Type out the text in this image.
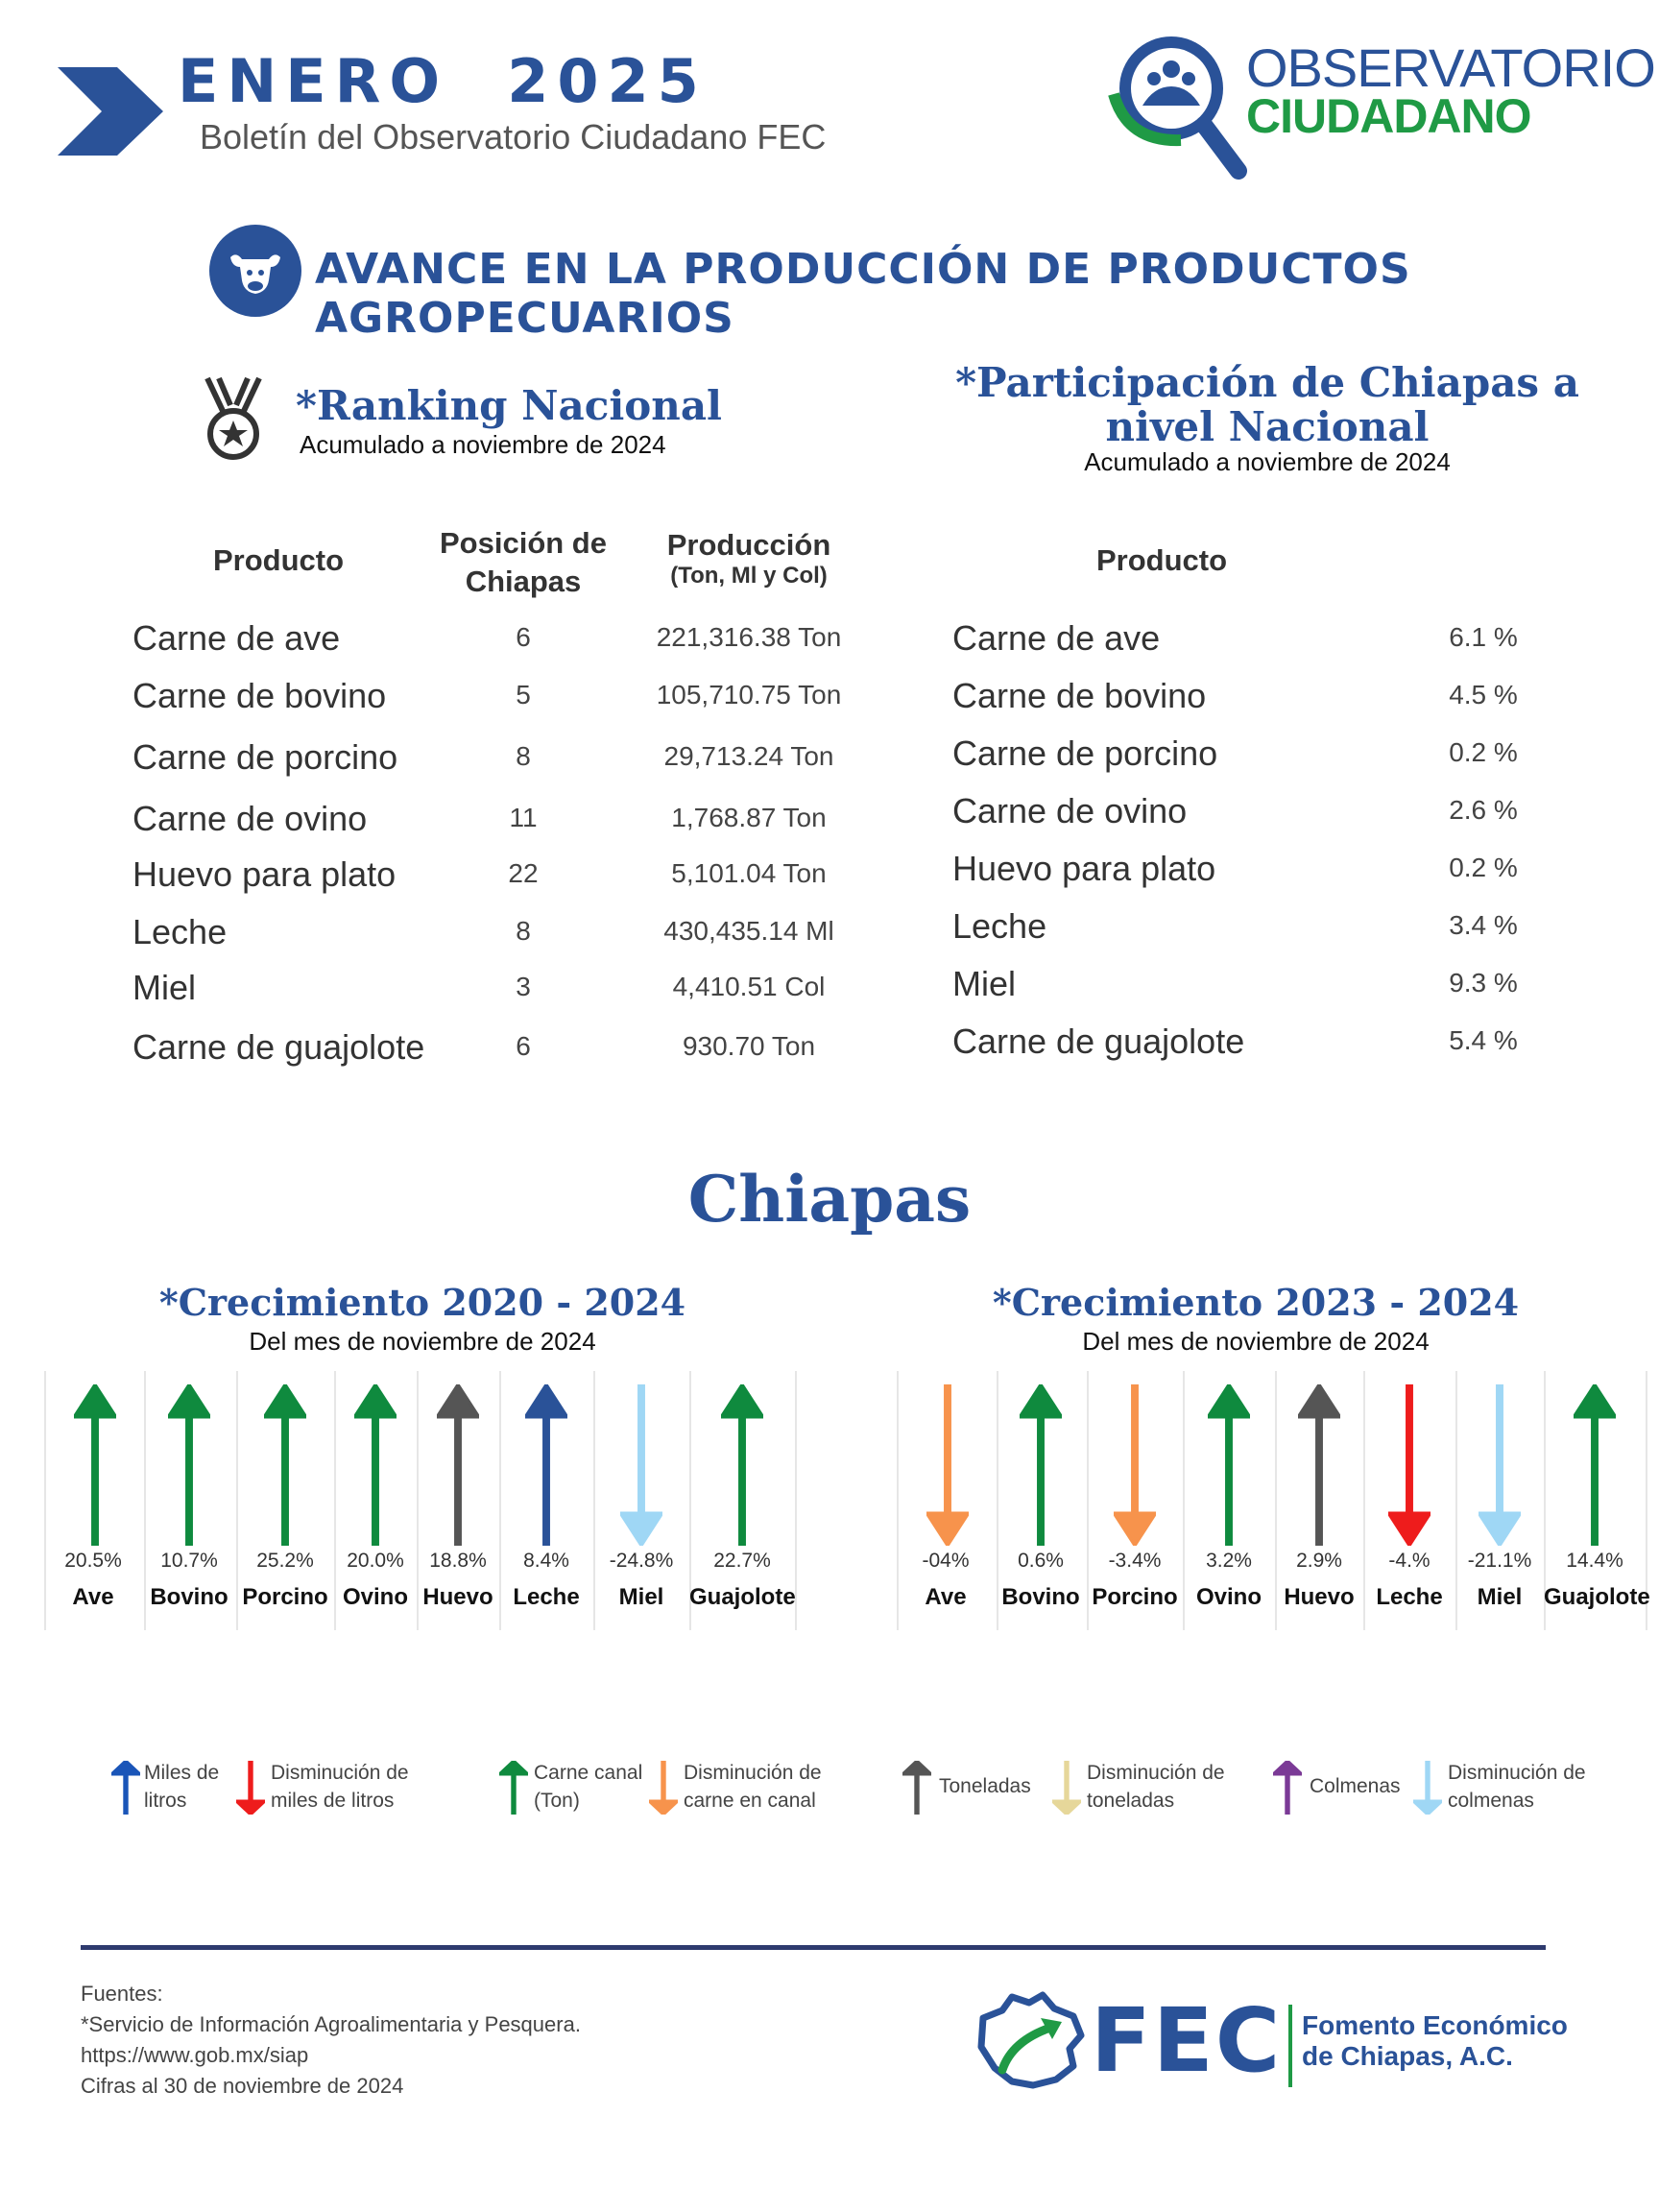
ENERO  2025
Boletín del Observatorio Ciudadano FEC
OBSERVATORIO
CIUDADANO
AVANCE EN LA PRODUCCIÓN DE PRODUCTOS AGROPECUARIOS
*Ranking Nacional
Acumulado a noviembre de 2024
*Participación de Chiapas a nivel Nacional
Acumulado a noviembre de 2024
Producto
Posición de Chiapas
Producción
(Ton, Ml y Col)
Carne de ave	6	221,316.38 Ton
Carne de bovino	5	105,710.75 Ton
Carne de porcino	8	29,713.24 Ton
Carne de ovino	11	1,768.87 Ton
Huevo para plato	22	5,101.04 Ton
Leche	8	430,435.14 Ml
Miel	3	4,410.51 Col
Carne de guajolote	6	930.70 Ton
Producto
Carne de ave	6.1 %
Carne de bovino	4.5 %
Carne de porcino	0.2 %
Carne de ovino	2.6 %
Huevo para plato	0.2 %
Leche	3.4 %
Miel	9.3 %
Carne de guajolote	5.4 %
Chiapas
*Crecimiento 2020 - 2024
Del mes de noviembre de 2024
*Crecimiento 2023 - 2024
Del mes de noviembre de 2024
20.5%
Ave
10.7%
Bovino
25.2%
Porcino
20.0%
Ovino
18.8%
Huevo
8.4%
Leche
-24.8%
Miel
22.7%
Guajolote
-04%
Ave
0.6%
Bovino
-3.4%
Porcino
3.2%
Ovino
2.9%
Huevo
-4.%
Leche
-21.1%
Miel
14.4%
Guajolote
Miles de litros
Disminución de miles de litros
Carne canal (Ton)
Disminución de carne en canal
Toneladas
Disminución de toneladas
Colmenas
Disminución de colmenas
Fuentes:
*Servicio de Información Agroalimentaria y Pesquera.
https://www.gob.mx/siap
Cifras al 30 de noviembre de 2024	FEC Fomento Económico
de Chiapas, A.C.
